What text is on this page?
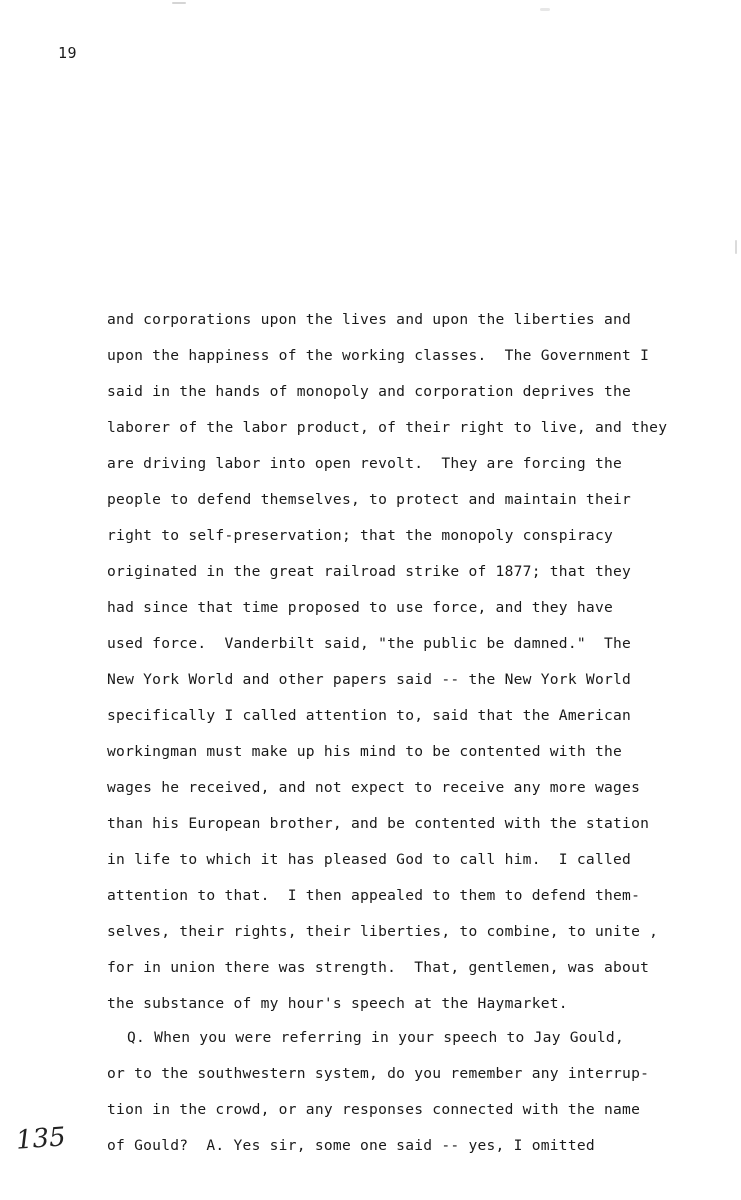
19
and corporations upon the lives and upon the liberties and
upon the happiness of the working classes.  The Government I
said in the hands of monopoly and corporation deprives the
laborer of the labor product, of their right to live, and they
are driving labor into open revolt.  They are forcing the
people to defend themselves, to protect and maintain their
right to self-preservation; that the monopoly conspiracy
originated in the great railroad strike of 1877; that they
had since that time proposed to use force, and they have
used force.  Vanderbilt said, "the public be damned."  The
New York World and other papers said -- the New York World
specifically I called attention to, said that the American
workingman must make up his mind to be contented with the
wages he received, and not expect to receive any more wages
than his European brother, and be contented with the station
in life to which it has pleased God to call him.  I called
attention to that.  I then appealed to them to defend them-
selves, their rights, their liberties, to combine, to unite ,
for in union there was strength.  That, gentlemen, was about
the substance of my hour's speech at the Haymarket.
Q. When you were referring in your speech to Jay Gould,
or to the southwestern system, do you remember any interrup-
tion in the crowd, or any responses connected with the name
of Gould?  A. Yes sir, some one said -- yes, I omitted
135
